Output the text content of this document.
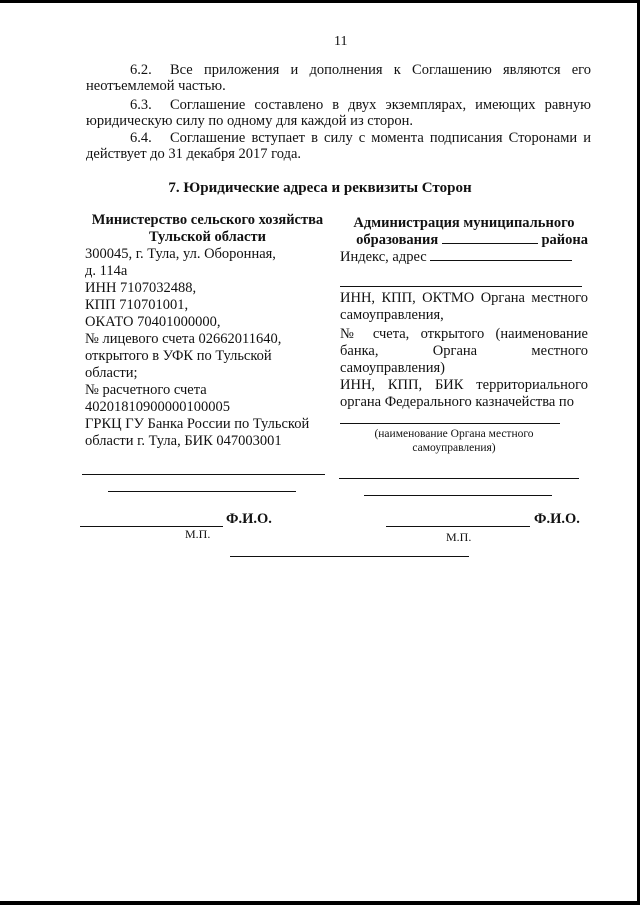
11
6.2. Все приложения и дополнения к Соглашению являются его неотъемлемой частью.
6.3. Соглашение составлено в двух экземплярах, имеющих равную юридическую силу по одному для каждой из сторон.
6.4. Соглашение вступает в силу с момента подписания Сторонами и действует до 31 декабря 2017 года.
7. Юридические адреса и реквизиты Сторон
Министерство сельского хозяйства
Тульской области
300045, г. Тула, ул. Оборонная,
д. 114а
ИНН 7107032488,
КПП 710701001,
ОКАТО 70401000000,
№ лицевого счета 02662011640,
открытого в УФК по Тульской
области;
№ расчетного счета
40201810900000100005
ГРКЦ ГУ Банка России по Тульской
области г. Тула, БИК 047003001
Администрация муниципального
образования	района
Индекс, адрес
ИНН, КПП, ОКТМО Органа местного самоуправления,
№ счета, открытого (наименование банка, Органа местного самоуправления)
ИНН, КПП, БИК территориального органа Федерального казначейства по
(наименование Органа местного самоуправления)
Ф.И.О.
М.П.
Ф.И.О.
М.П.
